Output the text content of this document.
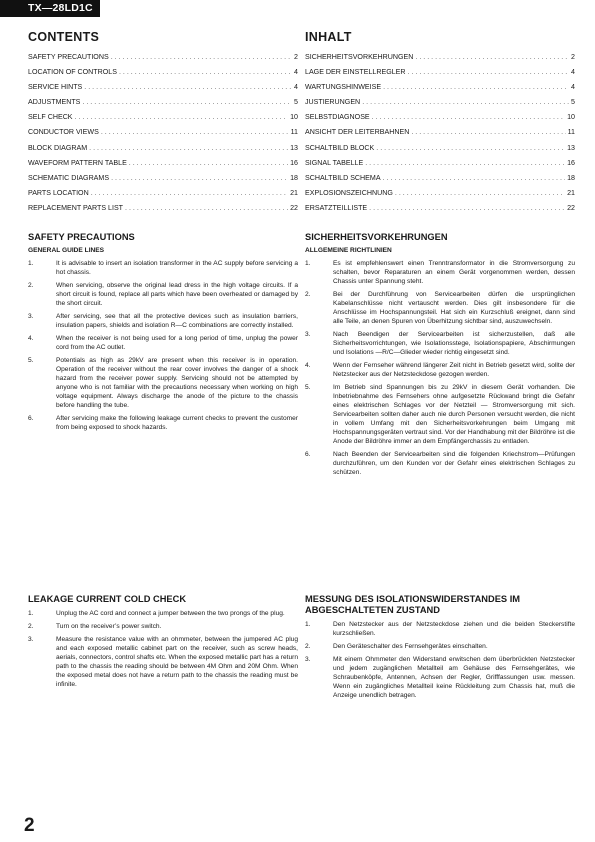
TX—28LD1C
CONTENTS
SAFETY PRECAUTIONS . . .	2
LOCATION OF CONTROLS . . .	4
SERVICE HINTS . . .	4
ADJUSTMENTS . . .	5
SELF CHECK . . .	10
CONDUCTOR VIEWS . . .	11
BLOCK DIAGRAM . . .	13
WAVEFORM PATTERN TABLE . . .	16
SCHEMATIC DIAGRAMS . . .	18
PARTS LOCATION . . .	21
REPLACEMENT PARTS LIST . . .	22
SAFETY PRECAUTIONS
GENERAL GUIDE LINES
1.	It is advisable to insert an isolation transformer in the AC supply before servicing a hot chassis.
2.	When servicing, observe the original lead dress in the high voltage circuits. If a short circuit is found, replace all parts which have been overheated or damaged by the short circuit.
3.	After servicing, see that all the protective devices such as insulation barriers, insulation papers, shields and isolation R—C combinations are correctly installed.
4.	When the receiver is not being used for a long period of time, unplug the power cord from the AC outlet.
5.	Potentials as high as 29kV are present when this receiver is in operation. Operation of the receiver without the rear cover involves the danger of a shock hazard from the receiver power supply. Servicing should not be attempted by anyone who is not familiar with the precautions necessary when working on high voltage equipment. Always discharge the anode of the picture to the chassis before handling the tube.
6.	After servicing make the following leakage current checks to prevent the customer from being exposed to shock hazards.
LEAKAGE CURRENT COLD CHECK
1.	Unplug the AC cord and connect a jumper between the two prongs of the plug.
2.	Turn on the receiver’s power switch.
3.	Measure the resistance value with an ohmmeter, between the jumpered AC plug and each exposed metallic cabinet part on the receiver, such as screw heads, aerials, connectors, control shafts etc. When the exposed metallic part has a return path to the chassis the reading should be between 4M Ohm and 20M Ohm. When the exposed metal does not have a return path to the chassis the reading must be infinite.
INHALT
SICHERHEITSVORKEHRUNGEN . . .	2
LAGE DER EINSTELLREGLER . . .	4
WARTUNGSHINWEISE . . .	4
JUSTIERUNGEN . . .	5
SELBSTDIAGNOSE . . .	10
ANSICHT DER LEITERBAHNEN . . .	11
SCHALTBILD BLOCK . . .	13
SIGNAL TABELLE . . .	16
SCHALTBILD SCHEMA . . .	18
EXPLOSIONSZEICHNUNG . . .	21
ERSATZTEILLISTE . . .	22
SICHERHEITSVORKEHRUNGEN
ALLGEMEINE RICHTLINIEN
1.	Es ist empfehlenswert einen Trenntransformator in die Stromversorgung zu schalten, bevor Reparaturen an einem Gerät vorgenommen werden, dessen Chassis unter Spannung steht.
2.	Bei der Durchführung von Servicearbeiten dürfen die ursprünglichen Kabelanschlüsse nicht vertauscht werden. Dies gilt insbesondere für die Anschlüsse im Hochspannungsteil. Hat sich ein Kurzschluß ereignet, dann sind alle Teile, an denen Spuren von Überhitzung sichtbar sind, auszuwechseln.
3.	Nach Beendigen der Servicearbeiten ist sicherzustellen, daß alle Sicherheitsvorrichtungen, wie Isolationsstege, Isolationspapiere, Abschirmungen und Isolations —R/C—Glieder wieder richtig eingesetzt sind.
4.	Wenn der Fernseher während längerer Zeit nicht in Betrieb gesetzt wird, sollte der Netzstecker aus der Netzsteckdose gezogen werden.
5.	Im Betrieb sind Spannungen bis zu 29kV in diesem Gerät vorhanden. Die Inbetriebnahme des Fernsehers ohne aufgesetzte Rückwand bringt die Gefahr eines elektrischen Schlages vor der Netzteil — Stromversorgung mit sich. Servicearbeiten sollten daher auch nie durch Personen versucht werden, die nicht in vollem Umfang mit den Sicherheitsvorkehrungen beim Umgang mit Hochspannungsgeräten vertraut sind. Vor der Handhabung mit der Bildröhre ist die Anode der Bildröhre immer an dem Empfängerchassis zu entladen.
6.	Nach Beenden der Servicearbeiten sind die folgenden Kriechstrom—Prüfungen durchzuführen, um den Kunden vor der Gefahr eines elektrischen Schlages zu schützen.
MESSUNG DES ISOLATIONSWIDERSTANDES IM ABGESCHALTETEN ZUSTAND
1.	Den Netzstecker aus der Netzsteckdose ziehen und die beiden Steckerstifte kurzschließen.
2.	Den Geräteschalter des Fernsehgerätes einschalten.
3.	Mit einem Ohmmeter den Widerstand erwitschen dem überbrückten Netzstecker und jedem zugänglichen Metallteil am Gehäuse des Fernsehgerätes, wie Schraubenköpfe, Antennen, Achsen der Regler, Grifffassungen usw. messen. Wenn ein zugängliches Metallteil keine Rückleitung zum Chassis hat, muß die Anzeige unendlich betragen.
2
